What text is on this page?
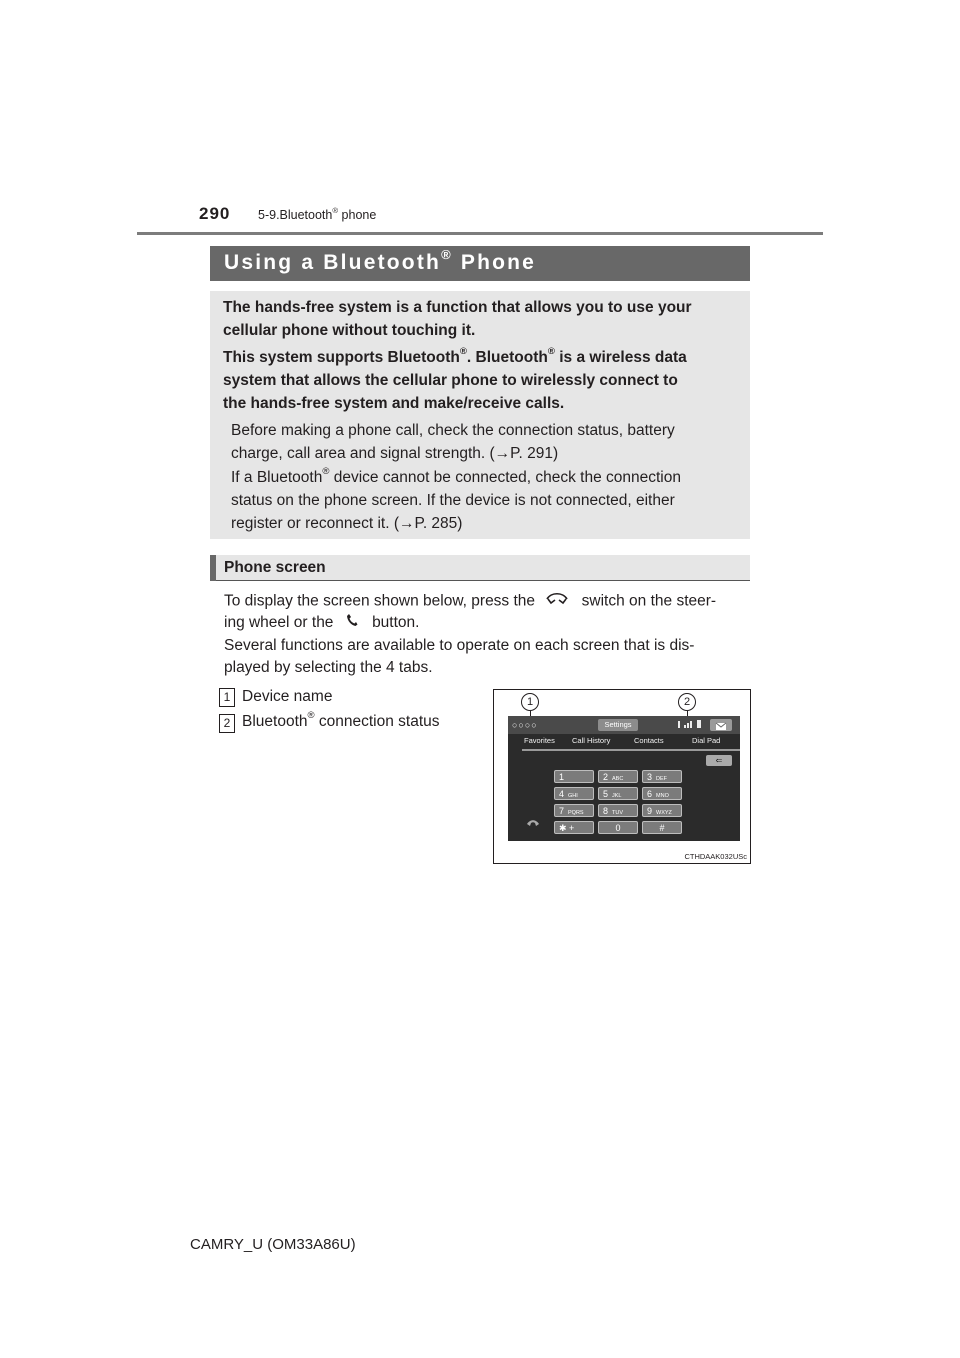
290 5-9.Bluetooth® phone
Using a Bluetooth® Phone
The hands-free system is a function that allows you to use your
cellular phone without touching it.
This system supports Bluetooth®. Bluetooth® is a wireless data
system that allows the cellular phone to wirelessly connect to
the hands-free system and make/receive calls.
Before making a phone call, check the connection status, battery
charge, call area and signal strength. (→P. 291)
If a Bluetooth® device cannot be connected, check the connection
status on the phone screen. If the device is not connected, either
register or reconnect it. (→P. 285)
Phone screen
To display the screen shown below, press the	switch on the steer-
ing wheel or the button.
Several functions are available to operate on each screen that is dis-
played by selecting the 4 tabs.
1 Device name
2 Bluetooth® connection status
1	2
○○○○	Settings
Favorites Call History	Contacts	Dial Pad
⇐
1	2 ABC	3 DEF
4 GHI	5 JKL	6 MNO
7 PQRS	8 TUV	9 WXYZ
✱ +	0	#
CTHDAAK032USc
CAMRY_U (OM33A86U)
